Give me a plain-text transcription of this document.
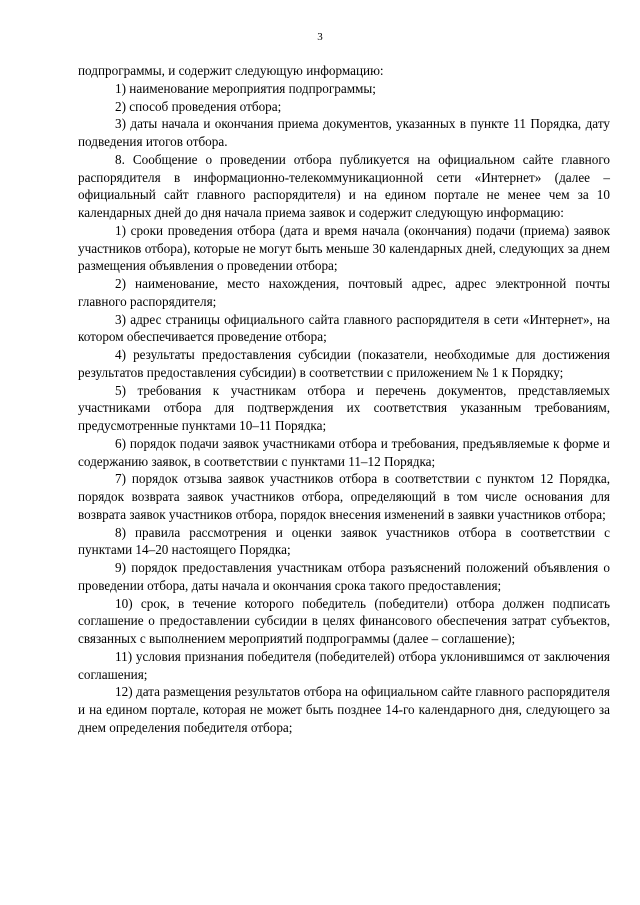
3

подпрограммы, и содержит следующую информацию:

1) наименование мероприятия подпрограммы;

2) способ проведения отбора;

3) даты начала и окончания приема документов, указанных в пункте 11 Порядка, дату подведения итогов отбора.

8. Сообщение о проведении отбора публикуется на официальном сайте главного распорядителя в информационно-телекоммуникационной сети «Интернет» (далее – официальный сайт главного распорядителя) и на едином портале не менее чем за 10 календарных дней до дня начала приема заявок и содержит следующую информацию:

1) сроки проведения отбора (дата и время начала (окончания) подачи (приема) заявок участников отбора), которые не могут быть меньше 30 календарных дней, следующих за днем размещения объявления о проведении отбора;

2) наименование, место нахождения, почтовый адрес, адрес электронной почты главного распорядителя;

3) адрес страницы официального сайта главного распорядителя в сети «Интернет», на котором обеспечивается проведение отбора;

4) результаты предоставления субсидии (показатели, необходимые для достижения результатов предоставления субсидии) в соответствии с приложением № 1 к Порядку;

5) требования к участникам отбора и перечень документов, представляемых участниками отбора для подтверждения их соответствия указанным требованиям, предусмотренные пунктами 10–11 Порядка;

6) порядок подачи заявок участниками отбора и требования, предъявляемые к форме и содержанию заявок, в соответствии с пунктами 11–12 Порядка;

7) порядок отзыва заявок участников отбора в соответствии с пунктом 12 Порядка, порядок возврата заявок участников отбора, определяющий в том числе основания для возврата заявок участников отбора, порядок внесения изменений в заявки участников отбора;

8) правила рассмотрения и оценки заявок участников отбора в соответствии с пунктами 14–20 настоящего Порядка;

9) порядок предоставления участникам отбора разъяснений положений объявления о проведении отбора, даты начала и окончания срока такого предоставления;

10) срок, в течение которого победитель (победители) отбора должен подписать соглашение о предоставлении субсидии в целях финансового обеспечения затрат субъектов, связанных с выполнением мероприятий подпрограммы (далее – соглашение);

11) условия признания победителя (победителей) отбора уклонившимся от заключения соглашения;

12) дата размещения результатов отбора на официальном сайте главного распорядителя и на едином портале, которая не может быть позднее 14-го календарного дня, следующего за днем определения победителя отбора;
